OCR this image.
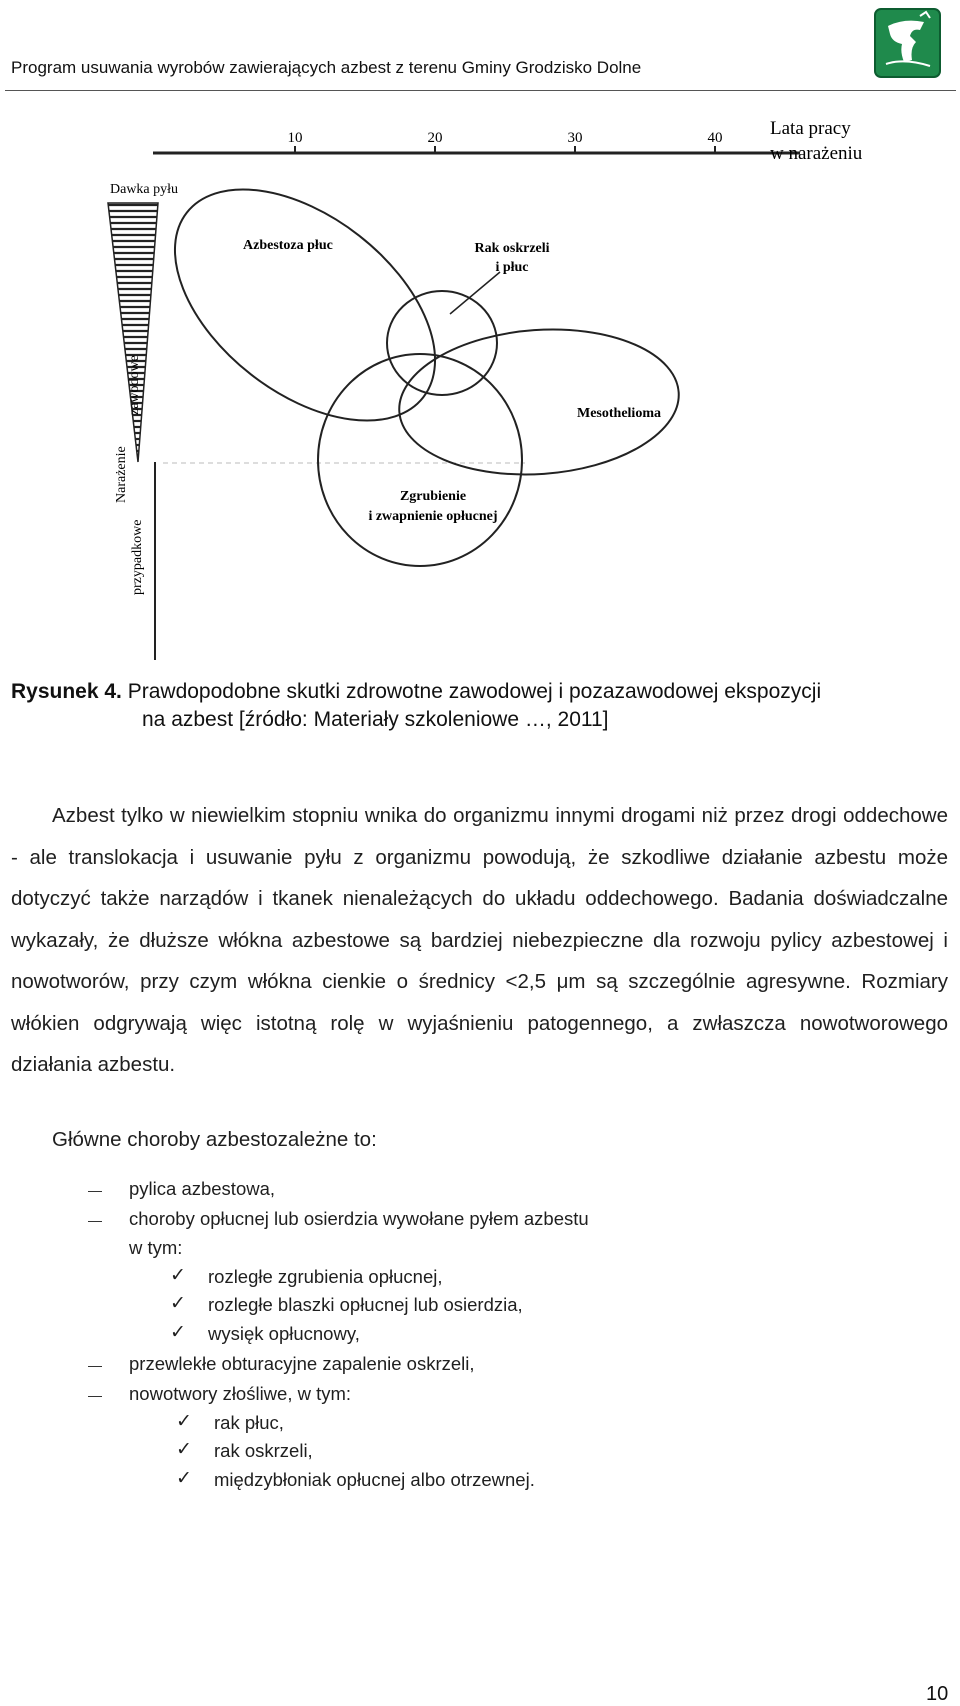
Program usuwania wyrobów zawierających azbest z terenu Gminy Grodzisko Dolne
10	20	30	40	Lata pracy
w narażeniu
Dawka pyłu
Narażenie
zawodowe
przypadkowe
Azbestoza płuc	Rak oskrzeli
i płuc
Mesothelioma
Zgrubienie
i zwapnienie opłucnej
Rysunek 4. Prawdopodobne skutki zdrowotne zawodowej i pozazawodowej ekspozycji
na azbest [źródło: Materiały szkoleniowe …, 2011]

Azbest tylko w niewielkim stopniu wnika do organizmu innymi drogami niż przez drogi oddechowe - ale translokacja i usuwanie pyłu z organizmu powodują, że szkodliwe działanie azbestu może dotyczyć także narządów i tkanek nienależących do układu oddechowego. Badania doświadczalne wykazały, że dłuższe włókna azbestowe są bardziej niebezpieczne dla rozwoju pylicy azbestowej i nowotworów, przy czym włókna cienkie o średnicy <2,5 μm są szczególnie agresywne. Rozmiary włókien odgrywają więc istotną rolę w wyjaśnieniu patogennego, a zwłaszcza nowotworowego działania azbestu.

Główne choroby azbestozależne to:
pylica azbestowa,
choroby opłucnej lub osierdzia wywołane pyłem azbestu
w tym:
✓ rozległe zgrubienia opłucnej,
✓ rozległe blaszki opłucnej lub osierdzia,
✓ wysięk opłucnowy,
przewlekłe obturacyjne zapalenie oskrzeli,
nowotwory złośliwe, w tym:
✓ rak płuc,
✓ rak oskrzeli,
✓ międzybłoniak opłucnej albo otrzewnej.
10
